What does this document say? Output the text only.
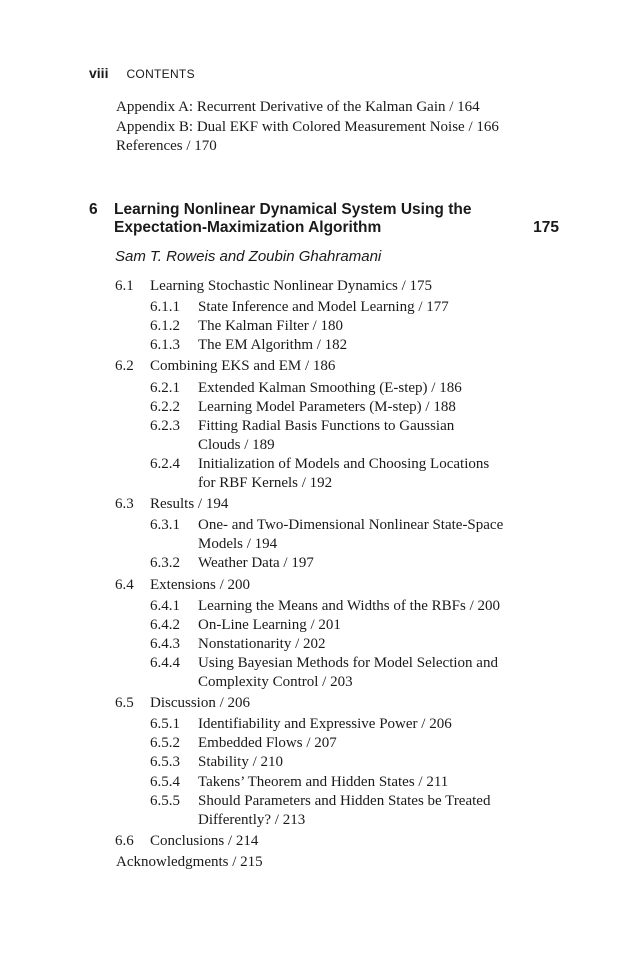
viii CONTENTS
Appendix A: Recurrent Derivative of the Kalman Gain / 164
Appendix B: Dual EKF with Colored Measurement Noise / 166
References / 170
6 Learning Nonlinear Dynamical System Using the
Expectation-Maximization Algorithm	175
Sam T. Roweis and Zoubin Ghahramani
6.1 Learning Stochastic Nonlinear Dynamics / 175
6.1.1 State Inference and Model Learning / 177
6.1.2 The Kalman Filter / 180
6.1.3 The EM Algorithm / 182
6.2 Combining EKS and EM / 186
6.2.1 Extended Kalman Smoothing (E-step) / 186
6.2.2 Learning Model Parameters (M-step) / 188
6.2.3 Fitting Radial Basis Functions to Gaussian
Clouds / 189
6.2.4 Initialization of Models and Choosing Locations
for RBF Kernels / 192
6.3 Results / 194
6.3.1 One- and Two-Dimensional Nonlinear State-Space
Models / 194
6.3.2 Weather Data / 197
6.4 Extensions / 200
6.4.1 Learning the Means and Widths of the RBFs / 200
6.4.2 On-Line Learning / 201
6.4.3 Nonstationarity / 202
6.4.4 Using Bayesian Methods for Model Selection and
Complexity Control / 203
6.5 Discussion / 206
6.5.1 Identifiability and Expressive Power / 206
6.5.2 Embedded Flows / 207
6.5.3 Stability / 210
6.5.4 Takens’ Theorem and Hidden States / 211
6.5.5 Should Parameters and Hidden States be Treated
Differently? / 213
6.6 Conclusions / 214
Acknowledgments / 215
